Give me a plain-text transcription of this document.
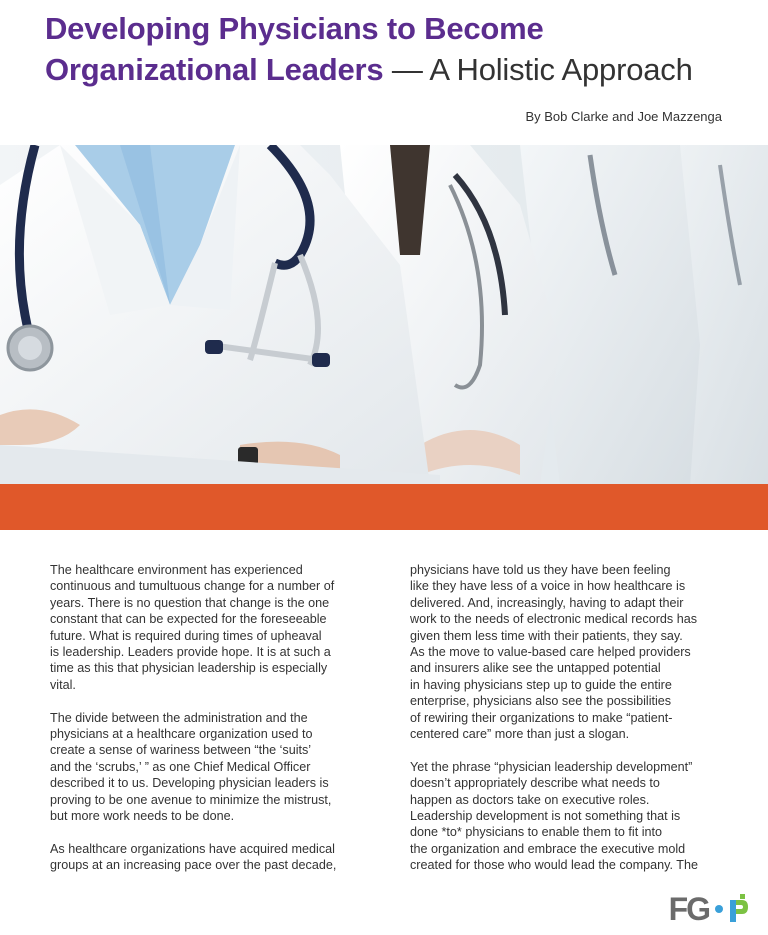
Developing Physicians to Become Organizational Leaders — A Holistic Approach
By Bob Clarke and Joe Mazzenga

The healthcare environment has experienced
continuous and tumultuous change for a number of
years. There is no question that change is the one
constant that can be expected for the foreseeable
future. What is required during times of upheaval
is leadership. Leaders provide hope. It is at such a
time as this that physician leadership is especially
vital.

The divide between the administration and the
physicians at a healthcare organization used to
create a sense of wariness between “the ‘suits’
and the ‘scrubs,’ ” as one Chief Medical Officer
described it to us. Developing physician leaders is
proving to be one avenue to minimize the mistrust,
but more work needs to be done.

As healthcare organizations have acquired medical
groups at an increasing pace over the past decade,

physicians have told us they have been feeling
like they have less of a voice in how healthcare is
delivered. And, increasingly, having to adapt their
work to the needs of electronic medical records has
given them less time with their patients, they say.
As the move to value-based care helped providers
and insurers alike see the untapped potential
in having physicians step up to guide the entire
enterprise, physicians also see the possibilities
of rewiring their organizations to make “patient-
centered care” more than just a slogan.

Yet the phrase “physician leadership development”
doesn’t appropriately describe what needs to
happen as doctors take on executive roles.
Leadership development is not something that is
done *to* physicians to enable them to fit into
the organization and embrace the executive mold
created for those who would lead the company. The

FG
